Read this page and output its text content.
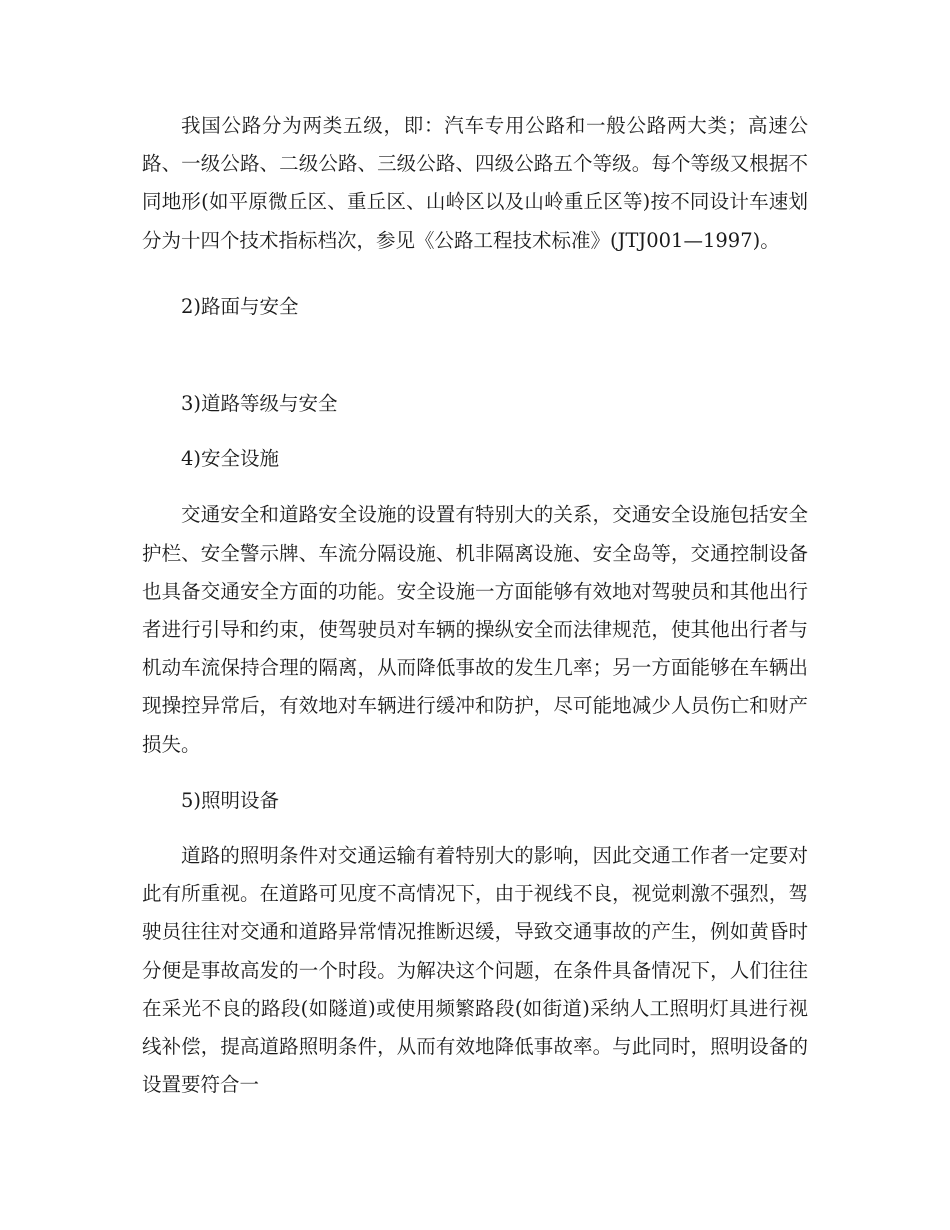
我国公路分为两类五级，即：汽车专用公路和一般公路两大类；高速公路、一级公路、二级公路、三级公路、四级公路五个等级。每个等级又根据不同地形(如平原微丘区、重丘区、山岭区以及山岭重丘区等)按不同设计车速划分为十四个技术指标档次，参见《公路工程技术标准》(JTJ001—1997)。

2)路面与安全

3)道路等级与安全

4)安全设施

交通安全和道路安全设施的设置有特别大的关系，交通安全设施包括安全护栏、安全警示牌、车流分隔设施、机非隔离设施、安全岛等，交通控制设备也具备交通安全方面的功能。安全设施一方面能够有效地对驾驶员和其他出行者进行引导和约束，使驾驶员对车辆的操纵安全而法律规范，使其他出行者与机动车流保持合理的隔离，从而降低事故的发生几率；另一方面能够在车辆出现操控异常后，有效地对车辆进行缓冲和防护，尽可能地减少人员伤亡和财产损失。

5)照明设备

道路的照明条件对交通运输有着特别大的影响，因此交通工作者一定要对此有所重视。在道路可见度不高情况下，由于视线不良，视觉刺激不强烈，驾驶员往往对交通和道路异常情况推断迟缓，导致交通事故的产生，例如黄昏时分便是事故高发的一个时段。为解决这个问题，在条件具备情况下，人们往往在采光不良的路段(如隧道)或使用频繁路段(如街道)采纳人工照明灯具进行视线补偿，提高道路照明条件，从而有效地降低事故率。与此同时，照明设备的设置要符合一
